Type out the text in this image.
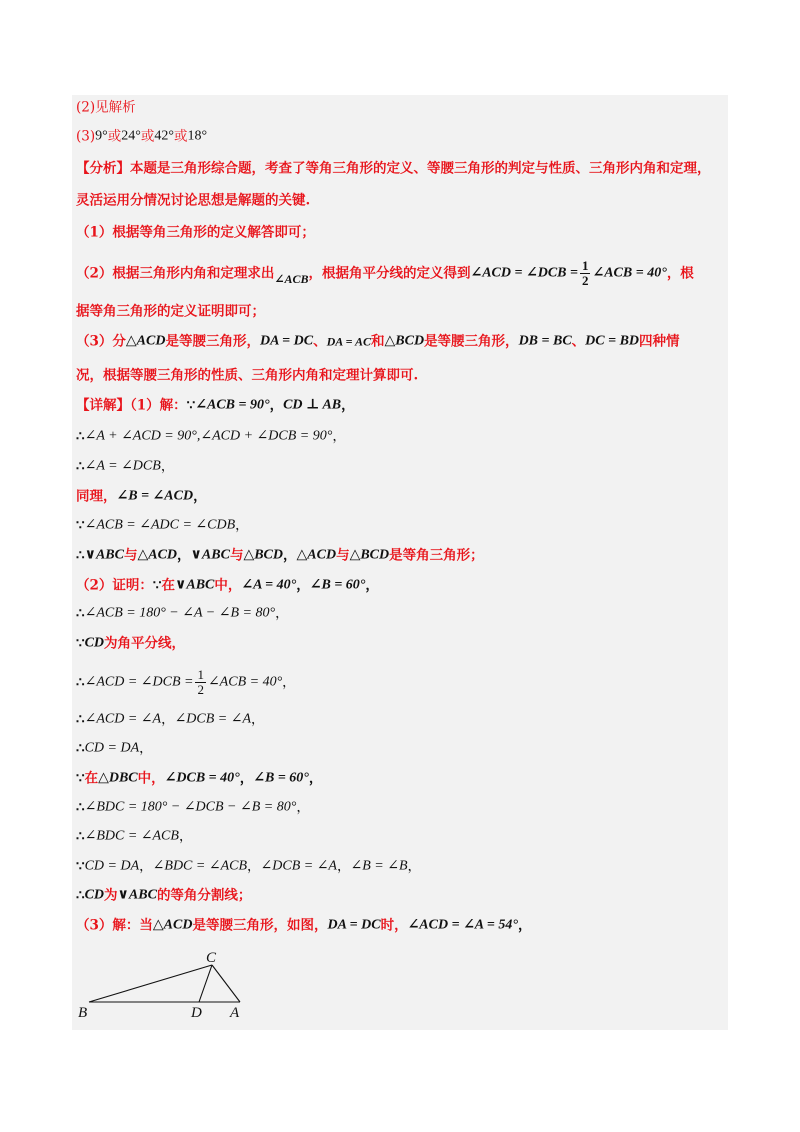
(2)见解析
(3)9°或24°或42°或18°
【分析】本题是三角形综合题，考查了等角三角形的定义、等腰三角形的判定与性质、三角形内角和定理，
灵活运用分情况讨论思想是解题的关键.
（1）根据等角三角形的定义解答即可；
（2）根据三角形内角和定理求出∠ACB，根据角平分线的定义得到∠ACD = ∠DCB = $\frac{1}{2}$ ∠ACB = 40°，根
据等角三角形的定义证明即可；
（3）分△ACD是等腰三角形，DA = DC、DA = AC和△BCD是等腰三角形，DB = BC、DC = BD四种情
况，根据等腰三角形的性质、三角形内角和定理计算即可.
【详解】（1）解：∵∠ACB = 90°，CD ⊥ AB，
∴∠A + ∠ACD = 90°,∠ACD + ∠DCB = 90°，
∴∠A = ∠DCB，
同理，∠B = ∠ACD，
∵∠ACB = ∠ADC = ∠CDB，
∴∨ABC与△ACD，∨ABC与△BCD，△ACD与△BCD是等角三角形；
（2）证明：∵在∨ABC中，∠A = 40°，∠B = 60°，
∴∠ACB = 180° − ∠A − ∠B = 80°，
∵CD为角平分线，
∴∠ACD = ∠DCB = $\frac{1}{2}$ ∠ACB = 40°，
∴∠ACD = ∠A，∠DCB = ∠A，
∴CD = DA，
∵在△DBC中，∠DCB = 40°，∠B = 60°，
∴∠BDC = 180° − ∠DCB − ∠B = 80°，
∴∠BDC = ∠ACB，
∵CD = DA，∠BDC = ∠ACB，∠DCB = ∠A，∠B = ∠B，
∴CD为∨ABC的等角分割线；
（3）解：当△ACD是等腰三角形，如图，DA = DC时，∠ACD = ∠A = 54°，
C
B	D A
